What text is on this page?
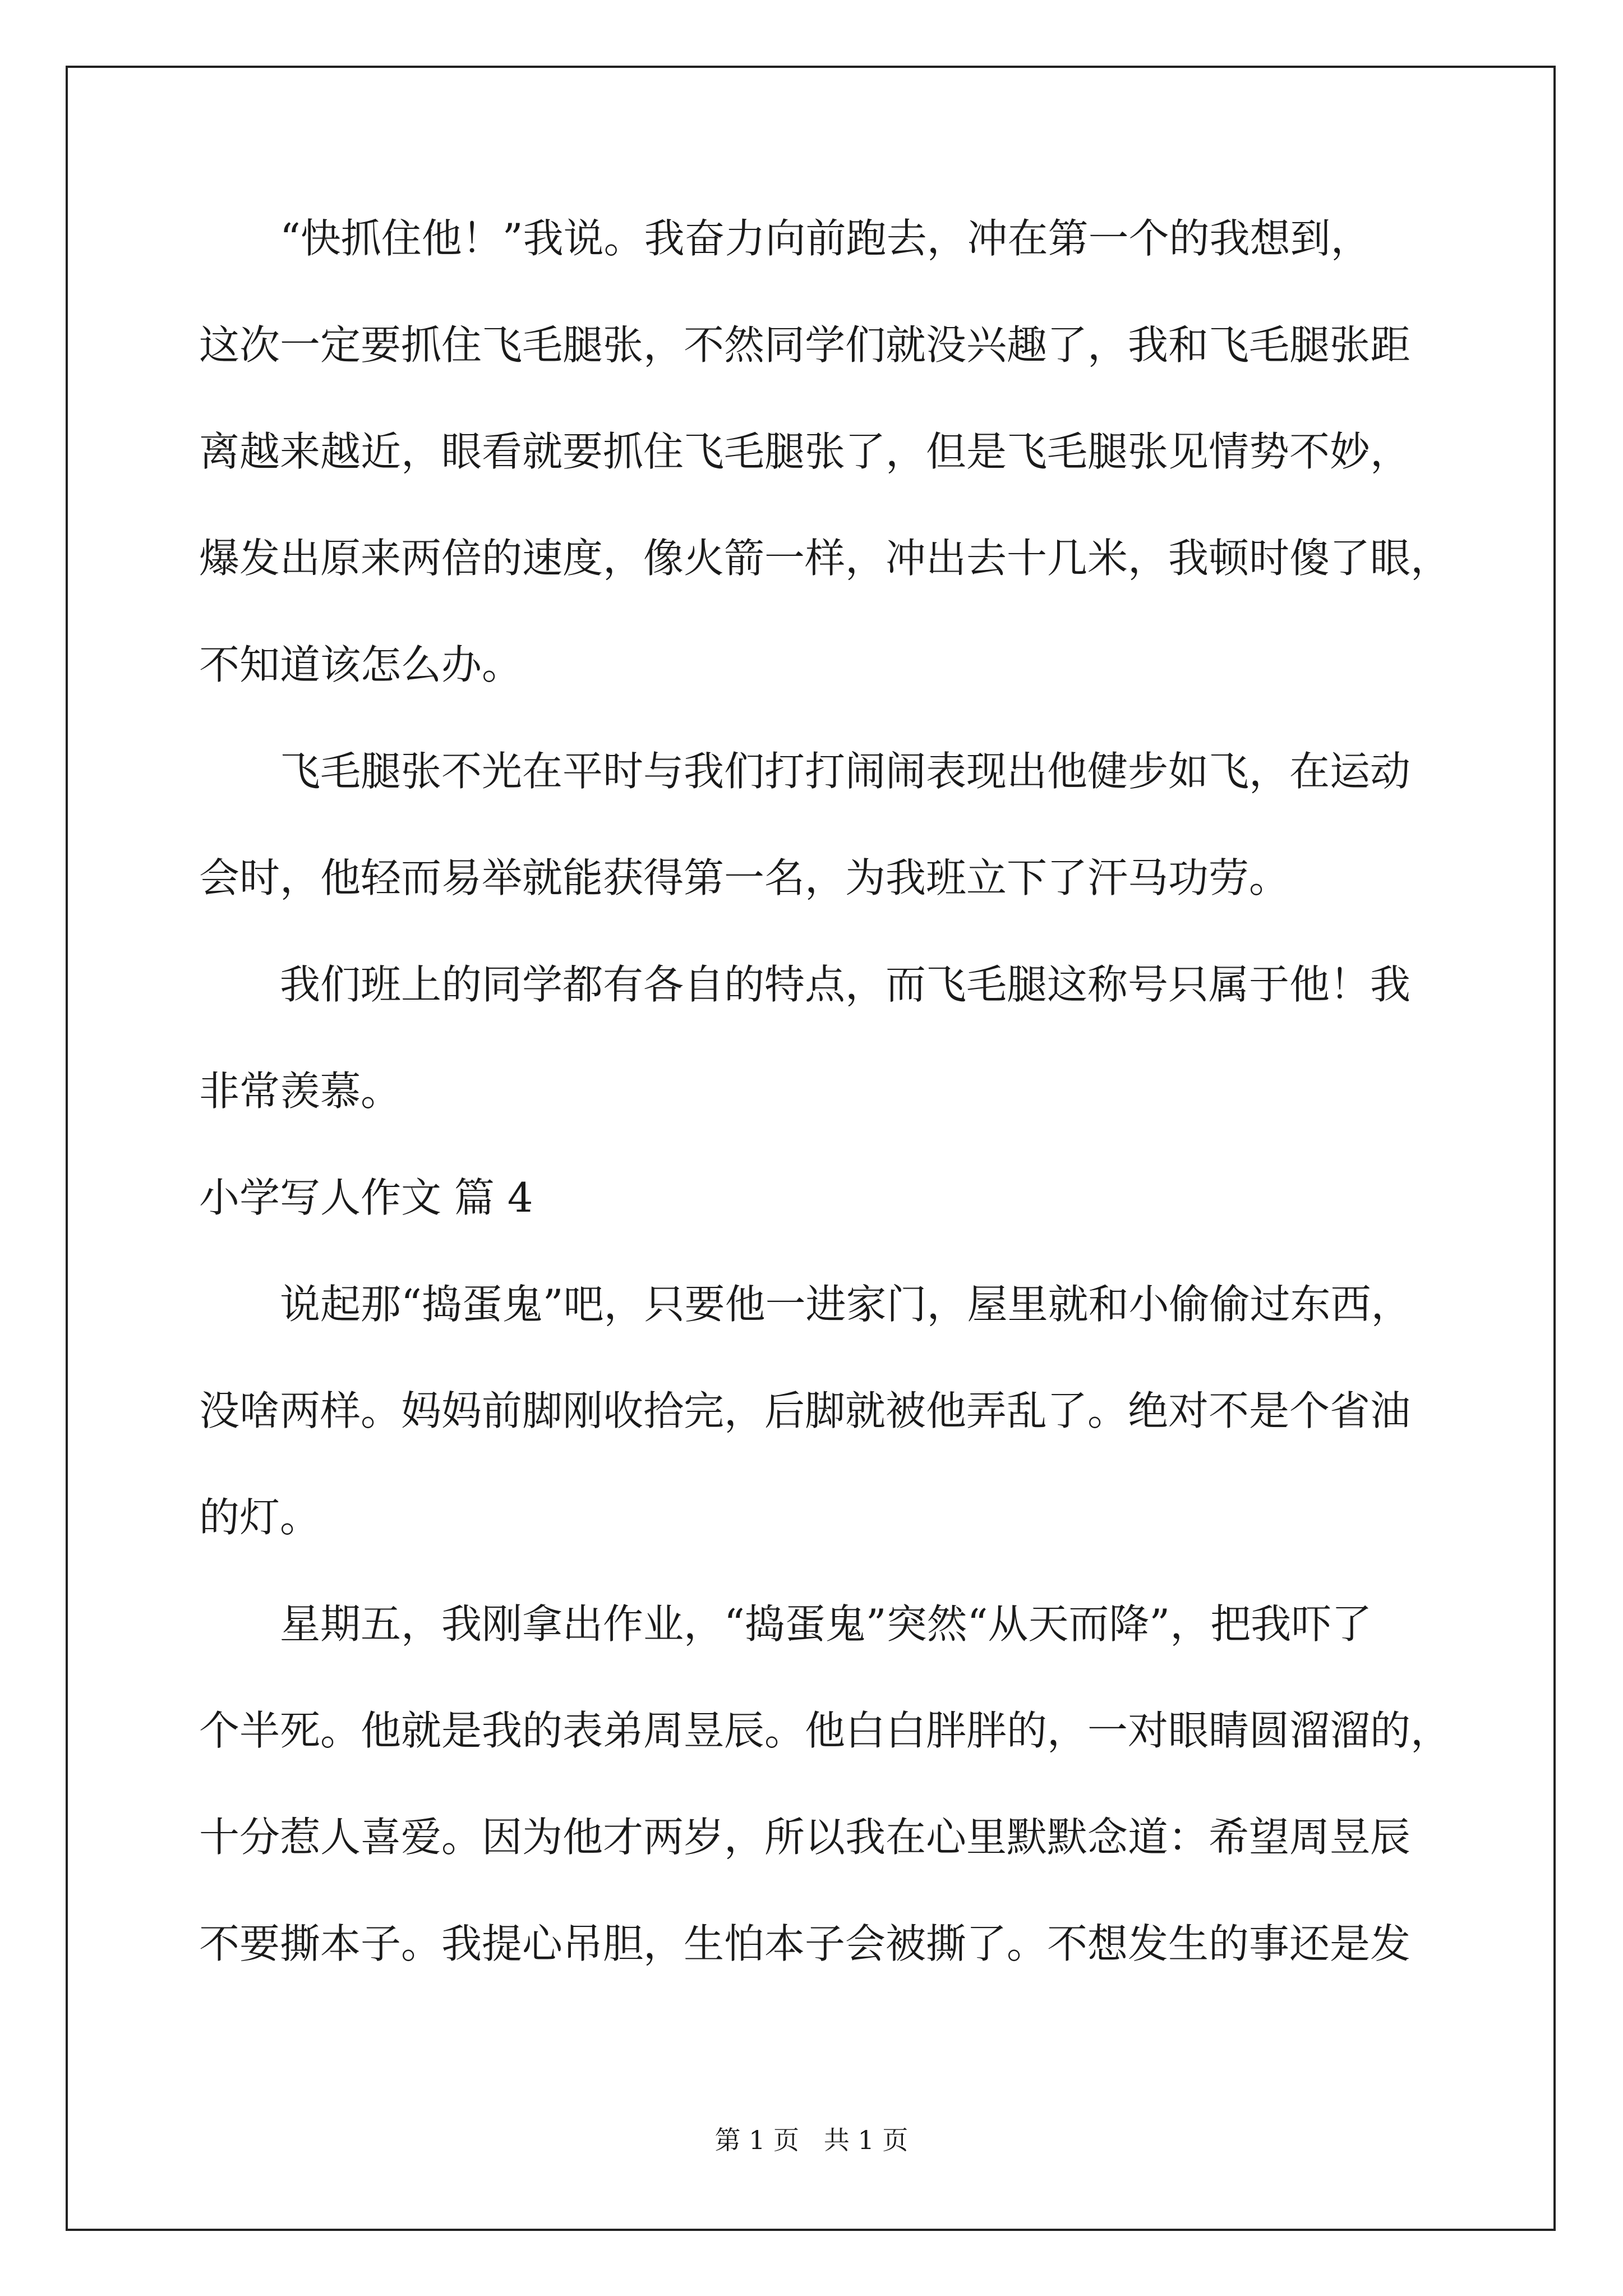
　　“快抓住他！”我说。我奋力向前跑去，冲在第一个的我想到，
这次一定要抓住飞毛腿张，不然同学们就没兴趣了，我和飞毛腿张距
离越来越近，眼看就要抓住飞毛腿张了，但是飞毛腿张见情势不妙，
爆发出原来两倍的速度，像火箭一样，冲出去十几米，我顿时傻了眼，
不知道该怎么办。
　　飞毛腿张不光在平时与我们打打闹闹表现出他健步如飞，在运动
会时，他轻而易举就能获得第一名，为我班立下了汗马功劳。
　　我们班上的同学都有各自的特点，而飞毛腿这称号只属于他！我
非常羡慕。
小学写人作文 篇 4
　　说起那“捣蛋鬼”吧，只要他一进家门，屋里就和小偷偷过东西，
没啥两样。妈妈前脚刚收拾完，后脚就被他弄乱了。绝对不是个省油
的灯。
　　星期五，我刚拿出作业，“捣蛋鬼”突然“从天而降”，把我吓了
个半死。他就是我的表弟周昱辰。他白白胖胖的，一对眼睛圆溜溜的，
十分惹人喜爱。因为他才两岁，所以我在心里默默念道：希望周昱辰
不要撕本子。我提心吊胆，生怕本子会被撕了。不想发生的事还是发
第 1 页   共 1 页
